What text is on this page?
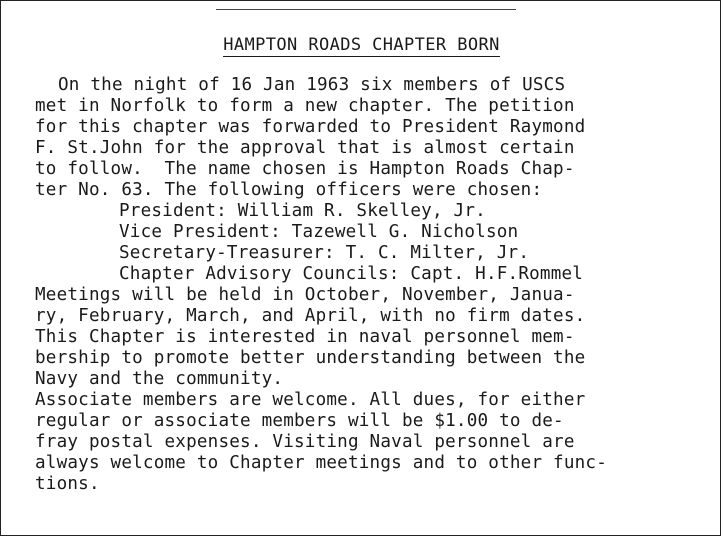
HAMPTON ROADS CHAPTER BORN
On the night of 16 Jan 1963 six members of USCS
met in Norfolk to form a new chapter. The petition
for this chapter was forwarded to President Raymond
F. St.John for the approval that is almost certain
to follow.  The name chosen is Hampton Roads Chap-
ter No. 63. The following officers were chosen:
President: William R. Skelley, Jr.
Vice President: Tazewell G. Nicholson
Secretary-Treasurer: T. C. Milter, Jr.
Chapter Advisory Councils: Capt. H.F.Rommel
Meetings will be held in October, November, Janua-
ry, February, March, and April, with no firm dates.
This Chapter is interested in naval personnel mem-
bership to promote better understanding between the
Navy and the community.
Associate members are welcome. All dues, for either
regular or associate members will be $1.00 to de-
fray postal expenses. Visiting Naval personnel are
always welcome to Chapter meetings and to other func-
tions.
